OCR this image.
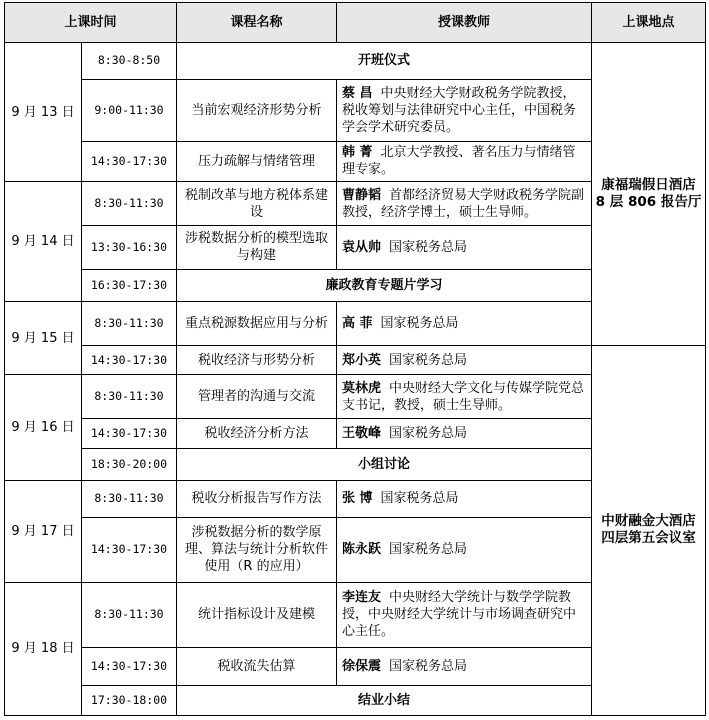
上课时间		课程名称	授课教师	上课地点
9 月 13 日	8:30-8:50	开班仪式		康福瑞假日酒店 8 层 806 报告厅
	9:00-11:30	当前宏观经济形势分析	蔡 昌 中央财经大学财政税务学院教授，税收筹划与法律研究中心主任，中国税务学会学术研究委员。	
	14:30-17:30	压力疏解与情绪管理	韩 菁 北京大学教授、著名压力与情绪管理专家。	
9 月 14 日	8:30-11:30	税制改革与地方税体系建设	曹静韬 首都经济贸易大学财政税务学院副教授，经济学博士，硕士生导师。	
	13:30-16:30	涉税数据分析的模型选取与构建	袁从帅 国家税务总局	
	16:30-17:30	廉政教育专题片学习		
9 月 15 日	8:30-11:30	重点税源数据应用与分析	高 菲 国家税务总局	
	14:30-17:30	税收经济与形势分析	郑小英 国家税务总局	中财融金大酒店四层第五会议室
9 月 16 日	8:30-11:30	管理者的沟通与交流	莫林虎 中央财经大学文化与传媒学院党总支书记，教授，硕士生导师。	
	14:30-17:30	税收经济分析方法	王敬峰 国家税务总局	
	18:30-20:00	小组讨论		
9 月 17 日	8:30-11:30	税收分析报告写作方法	张 博 国家税务总局	
	14:30-17:30	涉税数据分析的数学原理、算法与统计分析软件使用（R 的应用）	陈永跃 国家税务总局	
9 月 18 日	8:30-11:30	统计指标设计及建模	李连友 中央财经大学统计与数学学院教授，中央财经大学统计与市场调查研究中心主任。	
	14:30-17:30	税收流失估算	徐保震 国家税务总局	
	17:30-18:00	结业小结		
